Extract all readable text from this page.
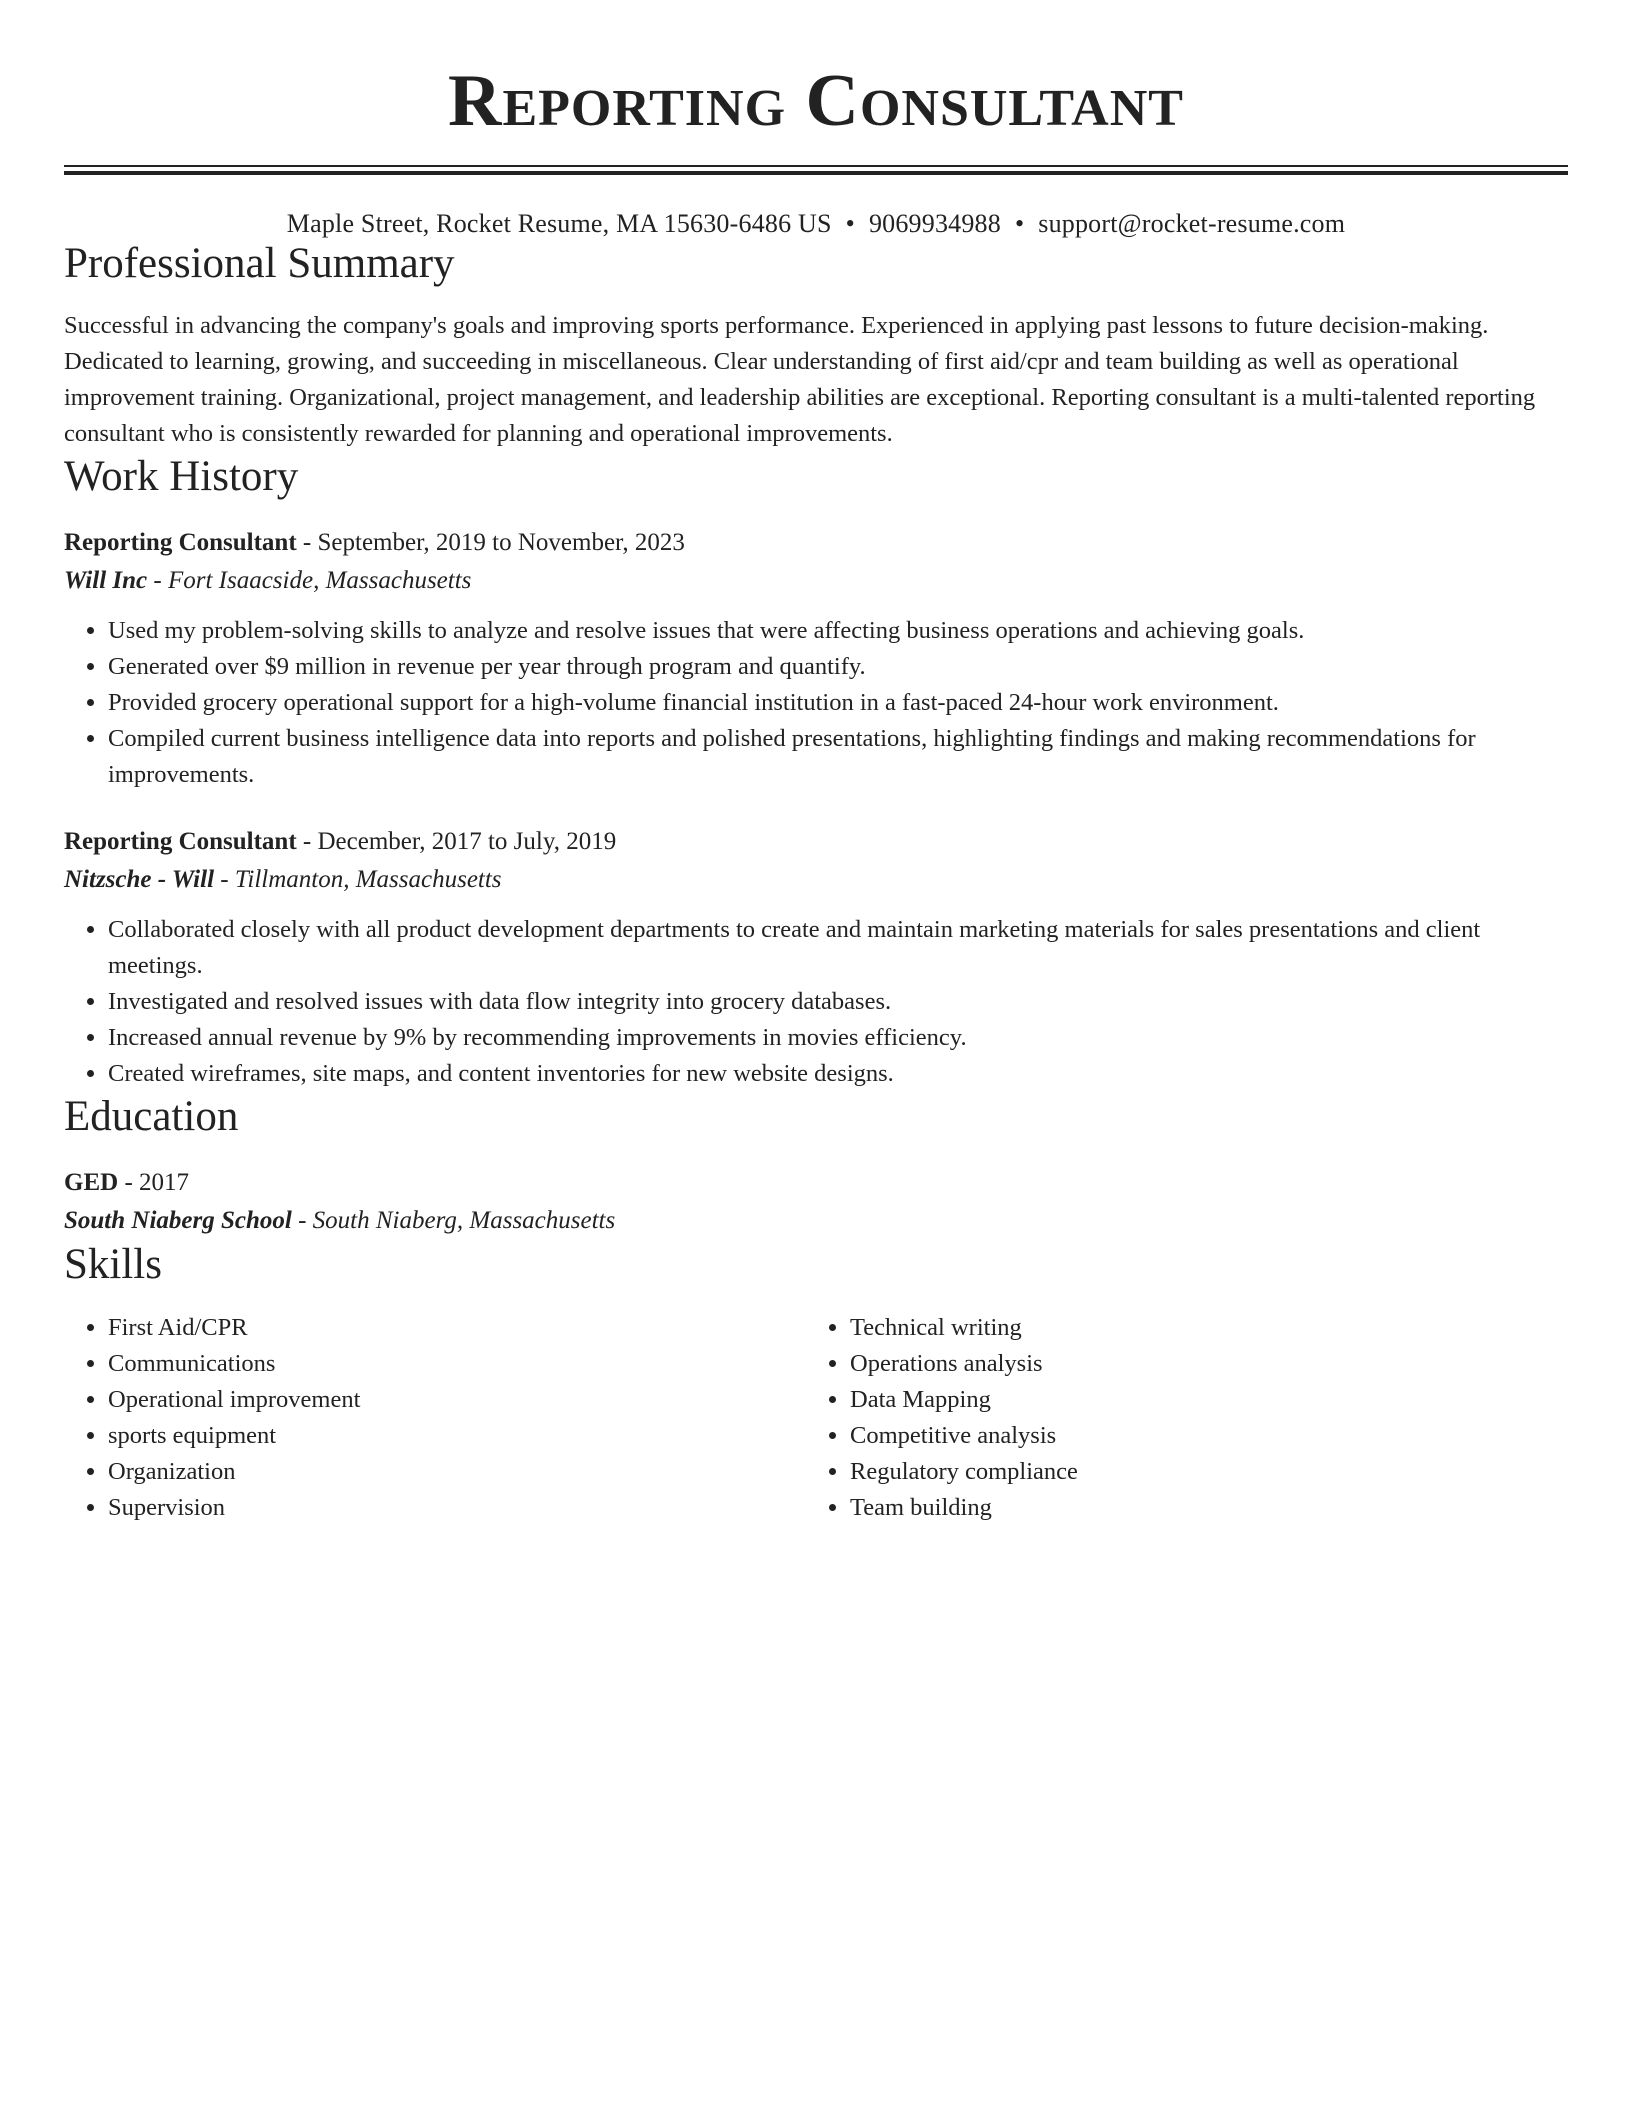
Reporting Consultant
Maple Street, Rocket Resume, MA 15630-6486 US • 9069934988 • support@rocket-resume.com
Professional Summary

Successful in advancing the company's goals and improving sports performance. Experienced in applying past lessons to future decision-making. Dedicated to learning, growing, and succeeding in miscellaneous. Clear understanding of first aid/cpr and team building as well as operational improvement training. Organizational, project management, and leadership abilities are exceptional. Reporting consultant is a multi-talented reporting consultant who is consistently rewarded for planning and operational improvements.

Work History
Reporting Consultant - September, 2019 to November, 2023
Will Inc - Fort Isaacside, Massachusetts
• Used my problem-solving skills to analyze and resolve issues that were affecting business operations and achieving goals.
• Generated over $9 million in revenue per year through program and quantify.
• Provided grocery operational support for a high-volume financial institution in a fast-paced 24-hour work environment.
• Compiled current business intelligence data into reports and polished presentations, highlighting findings and making recommendations for improvements.
Reporting Consultant - December, 2017 to July, 2019
Nitzsche - Will - Tillmanton, Massachusetts
• Collaborated closely with all product development departments to create and maintain marketing materials for sales presentations and client meetings.
• Investigated and resolved issues with data flow integrity into grocery databases.
• Increased annual revenue by 9% by recommending improvements in movies efficiency.
• Created wireframes, site maps, and content inventories for new website designs.
Education
GED - 2017
South Niaberg School - South Niaberg, Massachusetts
Skills
• First Aid/CPR
• Communications
• Operational improvement
• sports equipment
• Organization
• Supervision
• Technical writing
• Operations analysis
• Data Mapping
• Competitive analysis
• Regulatory compliance
• Team building
